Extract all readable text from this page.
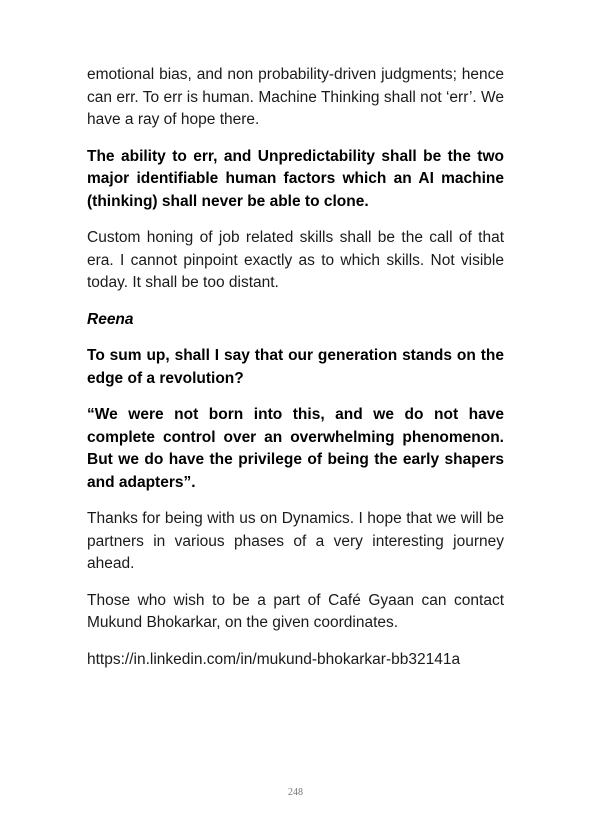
emotional bias, and non probability-driven judgments; hence can err. To err is human. Machine Thinking shall not ‘err’. We have a ray of hope there.

The ability to err, and Unpredictability shall be the two major identifiable human factors which an AI machine (thinking) shall never be able to clone.

Custom honing of job related skills shall be the call of that era. I cannot pinpoint exactly as to which skills. Not visible today. It shall be too distant.

Reena

To sum up, shall I say that our generation stands on the edge of a revolution?

“We were not born into this, and we do not have complete control over an overwhelming phenomenon. But we do have the privilege of being the early shapers and adapters”.

Thanks for being with us on Dynamics. I hope that we will be partners in various phases of a very interesting journey ahead.

Those who wish to be a part of Café Gyaan can contact Mukund Bhokarkar, on the given coordinates.

https://in.linkedin.com/in/mukund-bhokarkar-bb32141a

248
